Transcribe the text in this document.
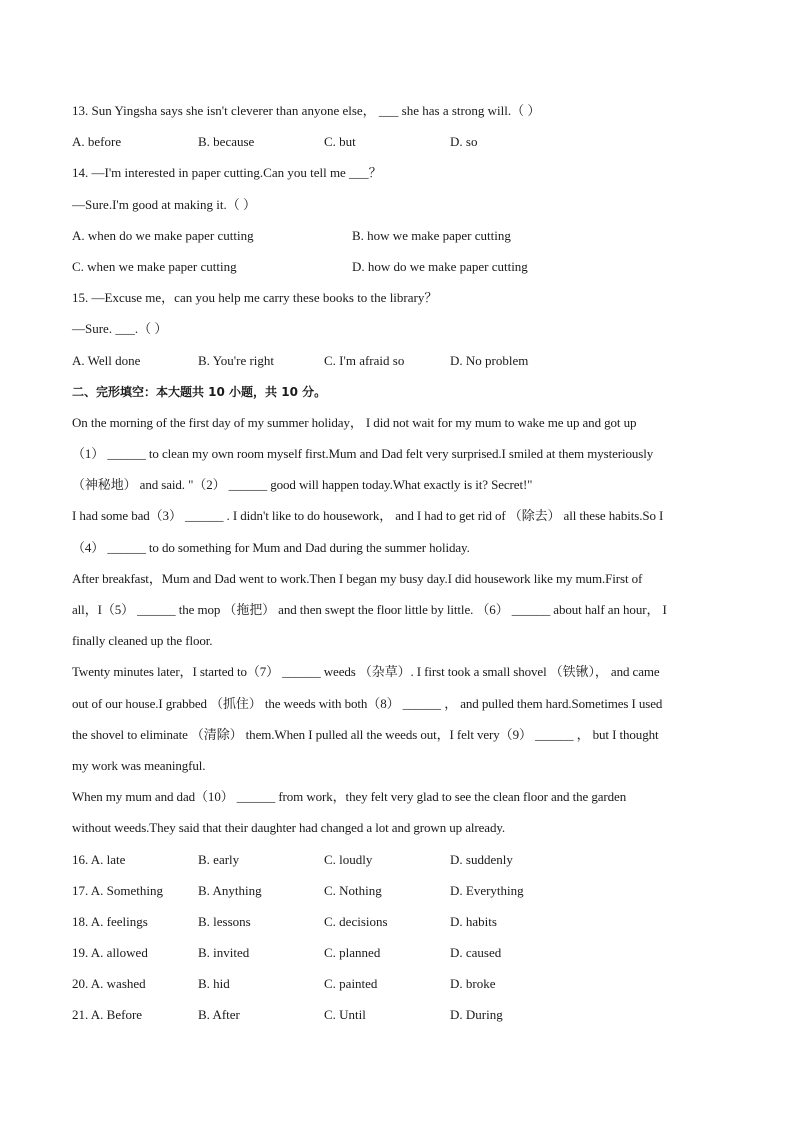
13. Sun Yingsha says she isn't cleverer than anyone else， ___ she has a strong will.（ ）
A. before	B. because	C. but	D. so
14. —I'm interested in paper cutting.Can you tell me ___？
—Sure.I'm good at making it.（ ）
A. when do we make paper cutting	B. how we make paper cutting
C. when we make paper cutting	D. how do we make paper cutting
15. —Excuse me，can you help me carry these books to the library？
—Sure. ___.（ ）
A. Well done	B. You're right	C. I'm afraid so	D. No problem
二、完形填空：本大题共 10 小题，共 10 分。
On the morning of the first day of my summer holiday， I did not wait for my mum to wake me up and got up
（1） ______ to clean my own room myself first.Mum and Dad felt very surprised.I smiled at them mysteriously
（神秘地） and said. "（2） ______ good will happen today.What exactly is it? Secret!"
I had some bad（3） ______ . I didn't like to do housework， and I had to get rid of （除去） all these habits.So I
（4） ______ to do something for Mum and Dad during the summer holiday.
After breakfast，Mum and Dad went to work.Then I began my busy day.I did housework like my mum.First of
all，I（5） ______ the mop （拖把） and then swept the floor little by little. （6） ______ about half an hour， I
finally cleaned up the floor.
Twenty minutes later，I started to（7） ______ weeds （杂草）. I first took a small shovel （铁锹）， and came
out of our house.I grabbed （抓住） the weeds with both（8） ______ ， and pulled them hard.Sometimes I used
the shovel to eliminate （清除） them.When I pulled all the weeds out，I felt very（9） ______ ， but I thought
my work was meaningful.
When my mum and dad（10） ______ from work，they felt very glad to see the clean floor and the garden
without weeds.They said that their daughter had changed a lot and grown up already.
16. A. late	B. early	C. loudly	D. suddenly
17. A. Something	B. Anything	C. Nothing	D. Everything
18. A. feelings	B. lessons	C. decisions	D. habits
19. A. allowed	B. invited	C. planned	D. caused
20. A. washed	B. hid	C. painted	D. broke
21. A. Before	B. After	C. Until	D. During
